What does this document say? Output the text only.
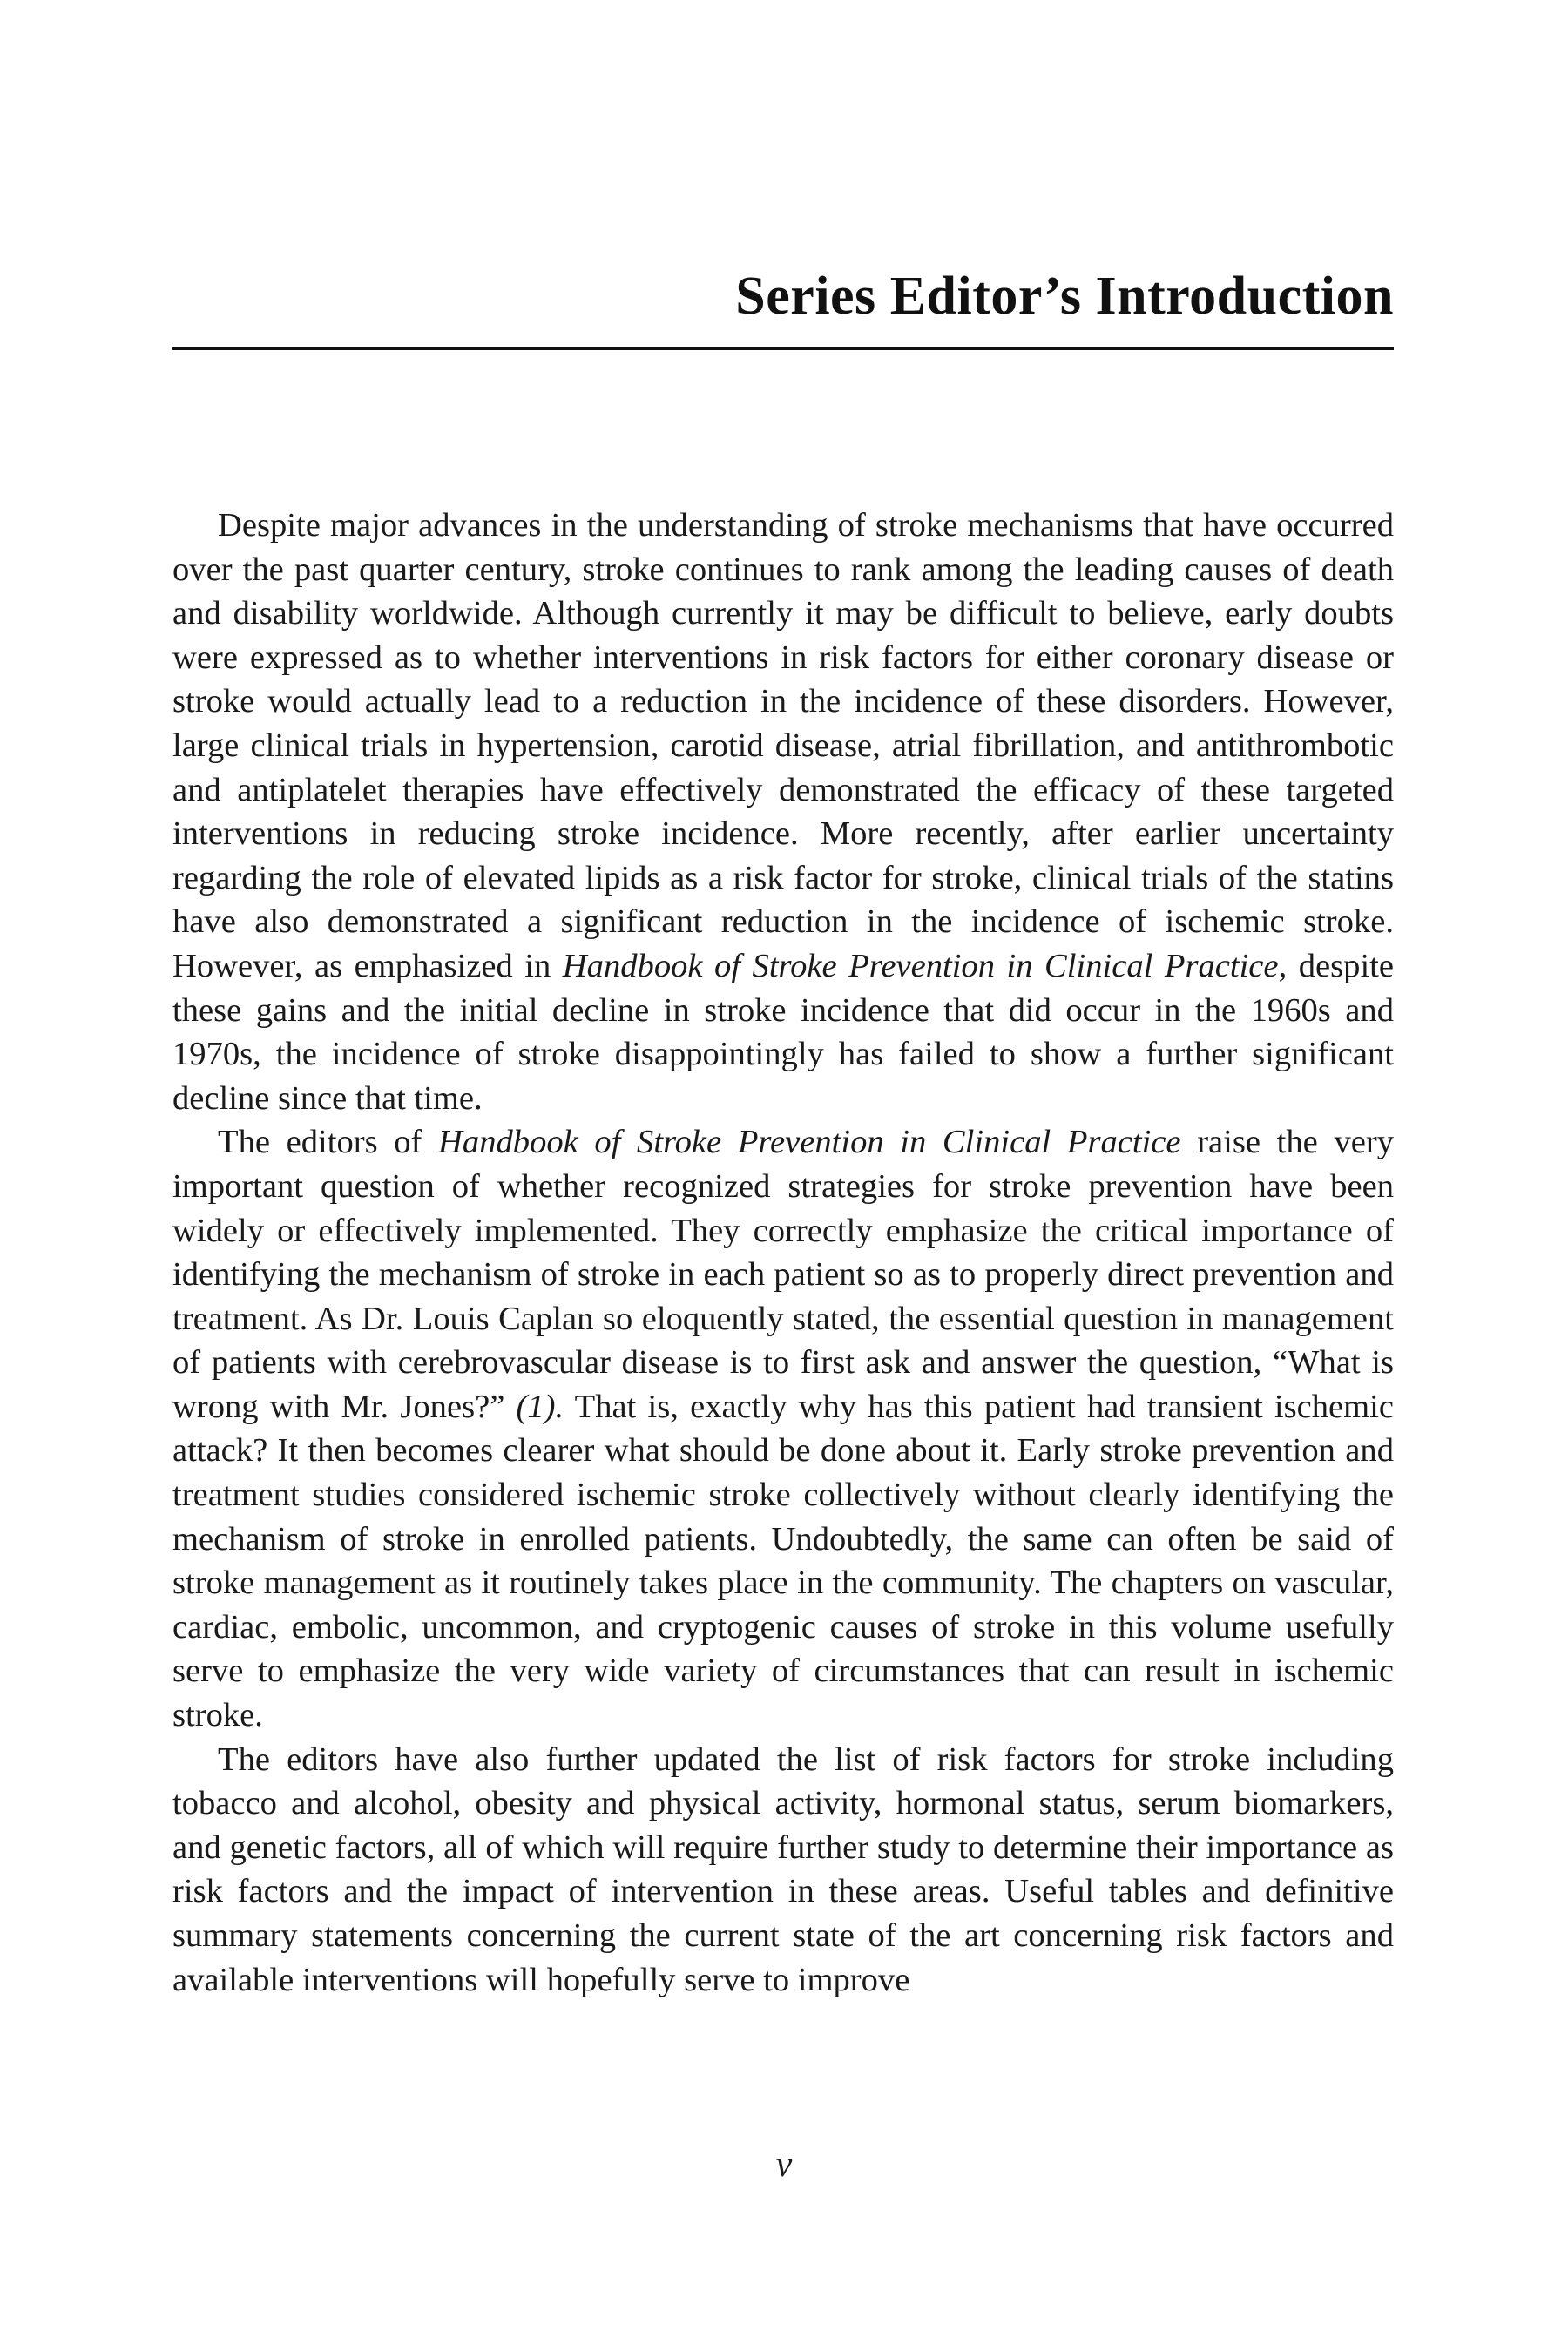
Series Editor’s Introduction

Despite major advances in the understanding of stroke mechanisms that have occurred over the past quarter century, stroke continues to rank among the leading causes of death and disability worldwide. Although currently it may be difficult to believe, early doubts were expressed as to whether interventions in risk factors for either coronary disease or stroke would actually lead to a reduction in the incidence of these disorders. However, large clinical trials in hypertension, carotid disease, atrial fibrillation, and antithrombotic and antiplatelet therapies have effectively demonstrated the efficacy of these targeted interventions in reducing stroke incidence. More recently, after earlier uncertainty regarding the role of elevated lipids as a risk factor for stroke, clinical trials of the statins have also demonstrated a significant reduction in the incidence of ischemic stroke. However, as emphasized in Handbook of Stroke Prevention in Clinical Practice, despite these gains and the initial decline in stroke incidence that did occur in the 1960s and 1970s, the incidence of stroke disappointingly has failed to show a further significant decline since that time.

The editors of Handbook of Stroke Prevention in Clinical Practice raise the very important question of whether recognized strategies for stroke prevention have been widely or effectively implemented. They correctly emphasize the critical importance of identifying the mechanism of stroke in each patient so as to properly direct prevention and treatment. As Dr. Louis Caplan so eloquently stated, the essential question in management of patients with cerebrovascular disease is to first ask and answer the question, “What is wrong with Mr. Jones?” (1). That is, exactly why has this patient had transient ischemic attack? It then becomes clearer what should be done about it. Early stroke prevention and treatment studies considered ischemic stroke collectively without clearly identifying the mechanism of stroke in enrolled patients. Undoubtedly, the same can often be said of stroke management as it routinely takes place in the community. The chapters on vascular, cardiac, embolic, uncommon, and cryptogenic causes of stroke in this volume usefully serve to emphasize the very wide variety of circumstances that can result in ischemic stroke.

The editors have also further updated the list of risk factors for stroke including tobacco and alcohol, obesity and physical activity, hormonal status, serum biomarkers, and genetic factors, all of which will require further study to determine their importance as risk factors and the impact of intervention in these areas. Useful tables and definitive summary statements concerning the current state of the art concerning risk factors and available interventions will hopefully serve to improve

v
